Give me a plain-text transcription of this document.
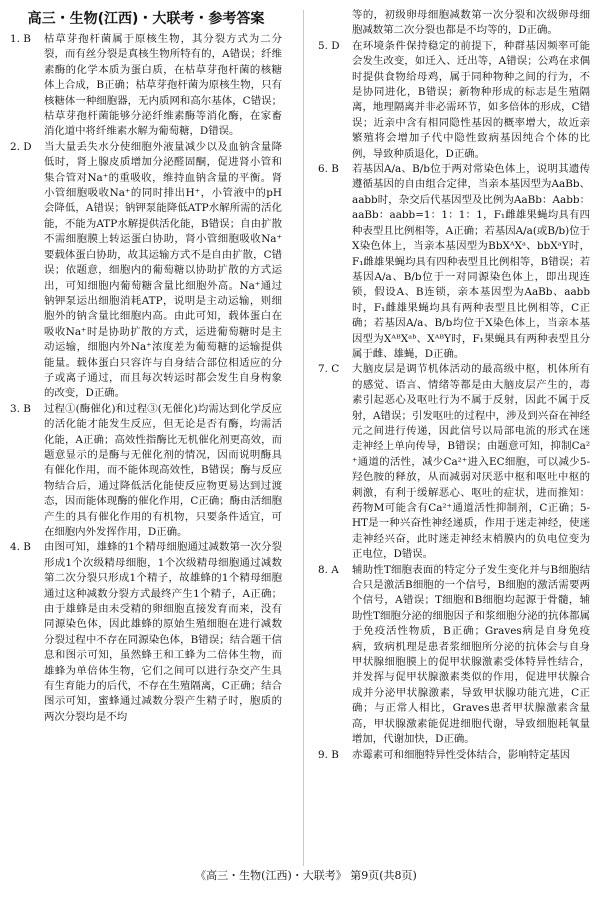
高三・生物(江西)・大联考・参考答案
1. B	枯草芽孢杆菌属于原核生物，其分裂方式为二分裂，而有丝分裂是真核生物所特有的，A错误；纤维素酶的化学本质为蛋白质，在枯草芽孢杆菌的核糖体上合成，B正确；枯草芽孢杆菌为原核生物，只有核糖体一种细胞器，无内质网和高尔基体，C错误；枯草芽孢杆菌能够分泌纤维素酶等消化酶，在家畜消化道中将纤维素水解为葡萄糖，D错误。
2. D	当大量丢失水分使细胞外液量减少以及血钠含量降低时，肾上腺皮质增加分泌醛固酮，促进肾小管和集合管对Na⁺的重吸收，维持血钠含量的平衡。肾小管细胞吸收Na⁺的同时排出H⁺，小管液中的pH会降低，A错误；钠钾泵能降低ATP水解所需的活化能，不能为ATP水解提供活化能，B错误；自由扩散不需细胞膜上转运蛋白协助，肾小管细胞吸收Na⁺要载体蛋白协助，故其运输方式不是自由扩散，C错误；依题意，细胞内的葡萄糖以协助扩散的方式运出，可知细胞内葡萄糖含量比细胞外高。Na⁺通过钠钾泵运出细胞消耗ATP，说明是主动运输，则细胞外的钠含量比细胞内高。由此可知，载体蛋白在吸收Na⁺时是协助扩散的方式，运进葡萄糖时是主动运输，细胞内外Na⁺浓度差为葡萄糖的运输提供能量。载体蛋白只容许与自身结合部位相适应的分子或离子通过，而且每次转运时都会发生自身构象的改变，D正确。
3. B	过程①(酶催化)和过程③(无催化)均需达到化学反应的活化能才能发生反应，但无论是否有酶，均需活化能，A正确；高效性指酶比无机催化剂更高效，而题意显示的是酶与无催化剂的情况，因而说明酶具有催化作用，而不能体现高效性，B错误；酶与反应物结合后，通过降低活化能使反应物更易达到过渡态，因而能体现酶的催化作用，C正确；酶由活细胞产生的具有催化作用的有机物，只要条件适宜，可在细胞内外发挥作用，D正确。
4. B	由图可知，雄蜂的1个精母细胞通过减数第一次分裂形成1个次级精母细胞，1个次级精母细胞通过减数第二次分裂只形成1个精子，故雄蜂的1个精母细胞通过这种减数分裂方式最终产生1个精子，A正确；由于雄蜂是由未受精的卵细胞直接发育而来，没有同源染色体，因此雄蜂的原始生殖细胞在进行减数分裂过程中不存在同源染色体，B错误；结合题干信息和图示可知，虽然蜂王和工蜂为二倍体生物，而雄蜂为单倍体生物，它们之间可以进行杂交产生具有生育能力的后代，不存在生殖隔离，C正确；结合图示可知，蜜蜂通过减数分裂产生精子时，胞质的两次分裂均是不均
等的，初级卵母细胞减数第一次分裂和次级卵母细胞减数第二次分裂也都是不均等的，D正确。
5. D	在环境条件保持稳定的前提下，种群基因频率可能会发生改变，如迁入、迁出等，A错误；公鸡在求偶时提供食物给母鸡，属于同种物种之间的行为，不是协同进化，B错误；新物种形成的标志是生殖隔离，地理隔离并非必需环节，如多倍体的形成，C错误；近亲中含有相同隐性基因的概率增大，故近亲繁殖将会增加子代中隐性致病基因纯合个体的比例，导致种质退化，D正确。
6. B	若基因A/a、B/b位于两对常染色体上，说明其遗传遵循基因的自由组合定律，当亲本基因型为AaBb、aabb时，杂交后代基因型及比例为AaBb：Aabb：aaBb：aabb=1：1：1：1，F₁雌雄果蝇均具有四种表型且比例相等，A正确；若基因A/a(或B/b)位于X染色体上，当亲本基因型为BbXᴬXᵃ、bbXᵃY时，F₁雌雄果蝇均具有四种表型且比例相等，B错误；若基因A/a、B/b位于一对同源染色体上，即出现连锁，假设A、B连锁，亲本基因型为AaBb、aabb时，F₁雌雄果蝇均具有两种表型且比例相等，C正确；若基因A/a、B/b均位于X染色体上，当亲本基因型为XᴬᴮXᵃᵇ、XᴬᴮY时，F₁果蝇具有两种表型且分属于雌、雄蝇，D正确。
7. C	大脑皮层是调节机体活动的最高级中枢，机体所有的感觉、语言、情绪等都是由大脑皮层产生的，毒素引起恶心及呕吐行为不属于反射，因此不属于反射，A错误；引发呕吐的过程中，涉及到兴奋在神经元之间进行传递，因此信号以局部电流的形式在迷走神经上单向传导，B错误；由题意可知，抑制Ca²⁺通道的活性，减少Ca²⁺进入EC细胞，可以减少5-羟色胺的释放，从而减弱对厌恶中枢和呕吐中枢的刺激，有利于缓解恶心、呕吐的症状，进而推知：药物M可能含有Ca²⁺通道活性抑制剂，C正确；5-HT是一种兴奋性神经递质，作用于迷走神经，使迷走神经兴奋，此时迷走神经末梢膜内的负电位变为正电位，D错误。
8. A	辅助性T细胞表面的特定分子发生变化并与B细胞结合只是激活B细胞的一个信号，B细胞的激活需要两个信号，A错误；T细胞和B细胞均起源于骨髓，辅助性T细胞分泌的细胞因子和浆细胞分泌的抗体都属于免疫活性物质，B正确；Graves病是自身免疫病，致病机理是患者浆细胞所分泌的抗体会与自身甲状腺细胞膜上的促甲状腺激素受体特异性结合，并发挥与促甲状腺激素类似的作用，促进甲状腺合成并分泌甲状腺激素，导致甲状腺功能亢进，C正确；与正常人相比，Graves患者甲状腺激素含量高，甲状腺激素能促进细胞代谢，导致细胞耗氧量增加，代谢加快，D正确。
9. B	赤霉素可和细胞特异性受体结合，影响特定基因
《高三・生物(江西)・大联考》 第9页(共8页)
